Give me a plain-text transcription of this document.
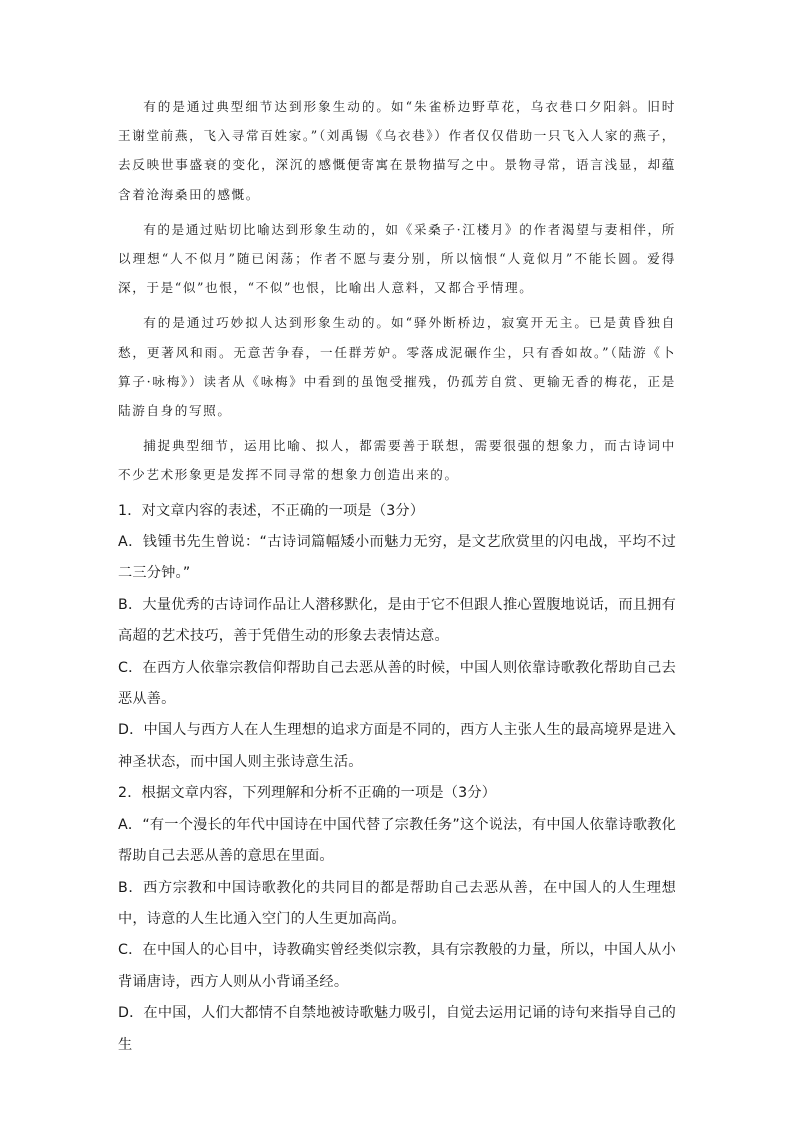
有的是通过典型细节达到形象生动的。如“朱雀桥边野草花，乌衣巷口夕阳斜。旧时王谢堂前燕，飞入寻常百姓家。”（刘禹锡《乌衣巷》）作者仅仅借助一只飞入人家的燕子，去反映世事盛衰的变化，深沉的感慨便寄寓在景物描写之中。景物寻常，语言浅显，却蕴含着沧海桑田的感慨。

有的是通过贴切比喻达到形象生动的，如《采桑子·江楼月》的作者渴望与妻相伴，所以理想“人不似月”随已闲荡；作者不愿与妻分别，所以恼恨“人竟似月”不能长圆。爱得深，于是“似”也恨，“不似”也恨，比喻出人意料，又都合乎情理。

有的是通过巧妙拟人达到形象生动的。如“驿外断桥边，寂寞开无主。已是黄昏独自愁，更著风和雨。无意苦争春，一任群芳妒。零落成泥碾作尘，只有香如故。”（陆游《卜算子·咏梅》）读者从《咏梅》中看到的虽饱受摧残，仍孤芳自赏、更输无香的梅花，正是陆游自身的写照。

捕捉典型细节，运用比喻、拟人，都需要善于联想，需要很强的想象力，而古诗词中不少艺术形象更是发挥不同寻常的想象力创造出来的。

1．对文章内容的表述，不正确的一项是（3分）

A．钱锺书先生曾说：“古诗词篇幅矮小而魅力无穷，是文艺欣赏里的闪电战，平均不过二三分钟。”

B．大量优秀的古诗词作品让人潜移默化，是由于它不但跟人推心置腹地说话，而且拥有高超的艺术技巧，善于凭借生动的形象去表情达意。

C．在西方人依靠宗教信仰帮助自己去恶从善的时候，中国人则依靠诗歌教化帮助自己去恶从善。

D．中国人与西方人在人生理想的追求方面是不同的，西方人主张人生的最高境界是进入神圣状态，而中国人则主张诗意生活。

2．根据文章内容，下列理解和分析不正确的一项是（3分）

A．“有一个漫长的年代中国诗在中国代替了宗教任务”这个说法，有中国人依靠诗歌教化帮助自己去恶从善的意思在里面。

B．西方宗教和中国诗歌教化的共同目的都是帮助自己去恶从善，在中国人的人生理想中，诗意的人生比通入空门的人生更加高尚。

C．在中国人的心目中，诗教确实曾经类似宗教，具有宗教般的力量，所以，中国人从小背诵唐诗，西方人则从小背诵圣经。

D．在中国，人们大都情不自禁地被诗歌魅力吸引，自觉去运用记诵的诗句来指导自己的生
